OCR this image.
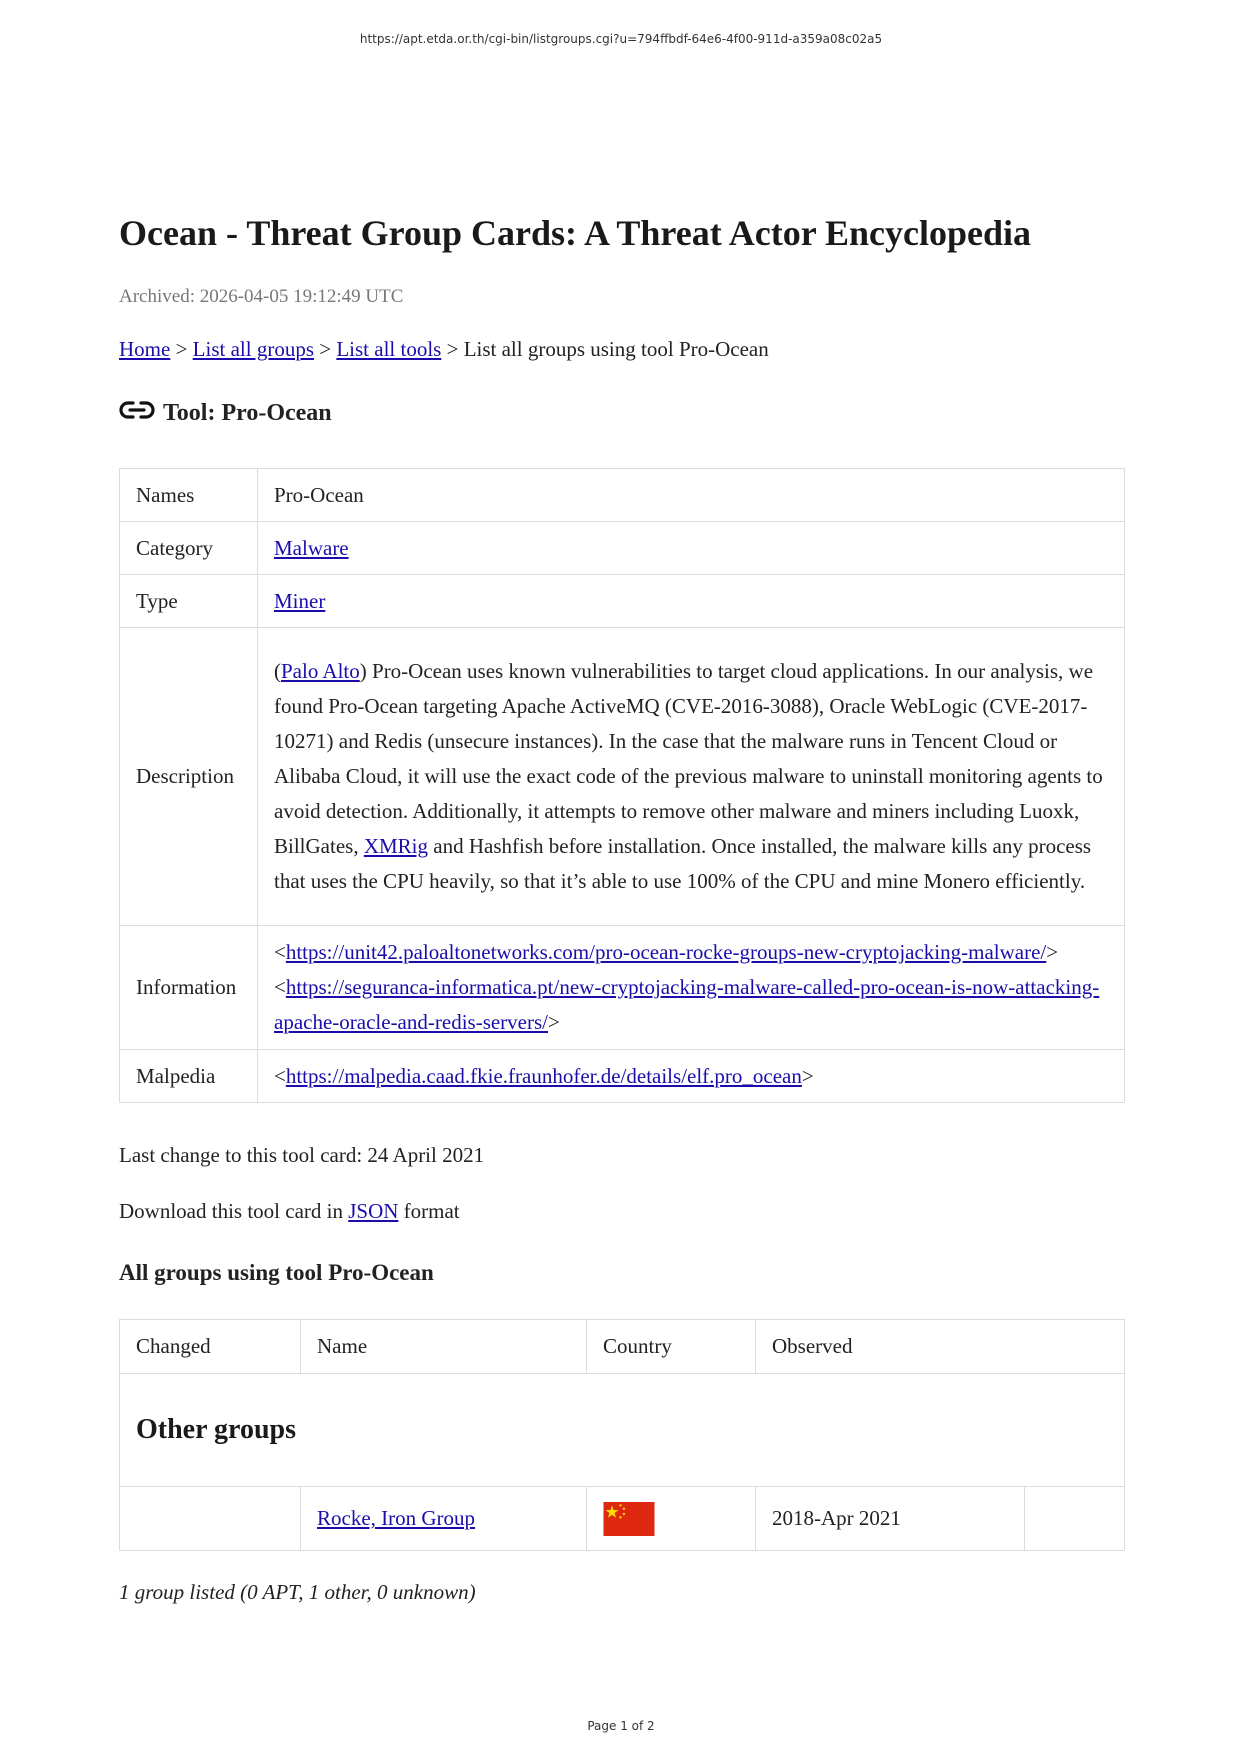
https://apt.etda.or.th/cgi-bin/listgroups.cgi?u=794ffbdf-64e6-4f00-911d-a359a08c02a5
Ocean - Threat Group Cards: A Threat Actor Encyclopedia
Archived: 2026-04-05 19:12:49 UTC
Home > List all groups > List all tools > List all groups using tool Pro-Ocean
Tool: Pro-Ocean
Names	Pro-Ocean
Category	Malware
Type	Miner
Description	(Palo Alto) Pro-Ocean uses known vulnerabilities to target cloud applications. In our analysis, we found Pro-Ocean targeting Apache ActiveMQ (CVE-2016-3088), Oracle WebLogic (CVE-2017-10271) and Redis (unsecure instances). In the case that the malware runs in Tencent Cloud or Alibaba Cloud, it will use the exact code of the previous malware to uninstall monitoring agents to avoid detection. Additionally, it attempts to remove other malware and miners including Luoxk, BillGates, XMRig and Hashfish before installation. Once installed, the malware kills any process that uses the CPU heavily, so that it’s able to use 100% of the CPU and mine Monero efficiently.

Information	<https://unit42.paloaltonetworks.com/pro-ocean-rocke-groups-new-cryptojacking-malware/>
<https://seguranca-informatica.pt/new-cryptojacking-malware-called-pro-ocean-is-now-attacking-apache-oracle-and-redis-servers/>

Malpedia	<https://malpedia.caad.fkie.fraunhofer.de/details/elf.pro_ocean>
Last change to this tool card: 24 April 2021
Download this tool card in JSON format
All groups using tool Pro-Ocean
Changed	Name	Country	Observed	
Other groups				
	Rocke, Iron Group		2018-Apr 2021	
1 group listed (0 APT, 1 other, 0 unknown)
Page 1 of 2
